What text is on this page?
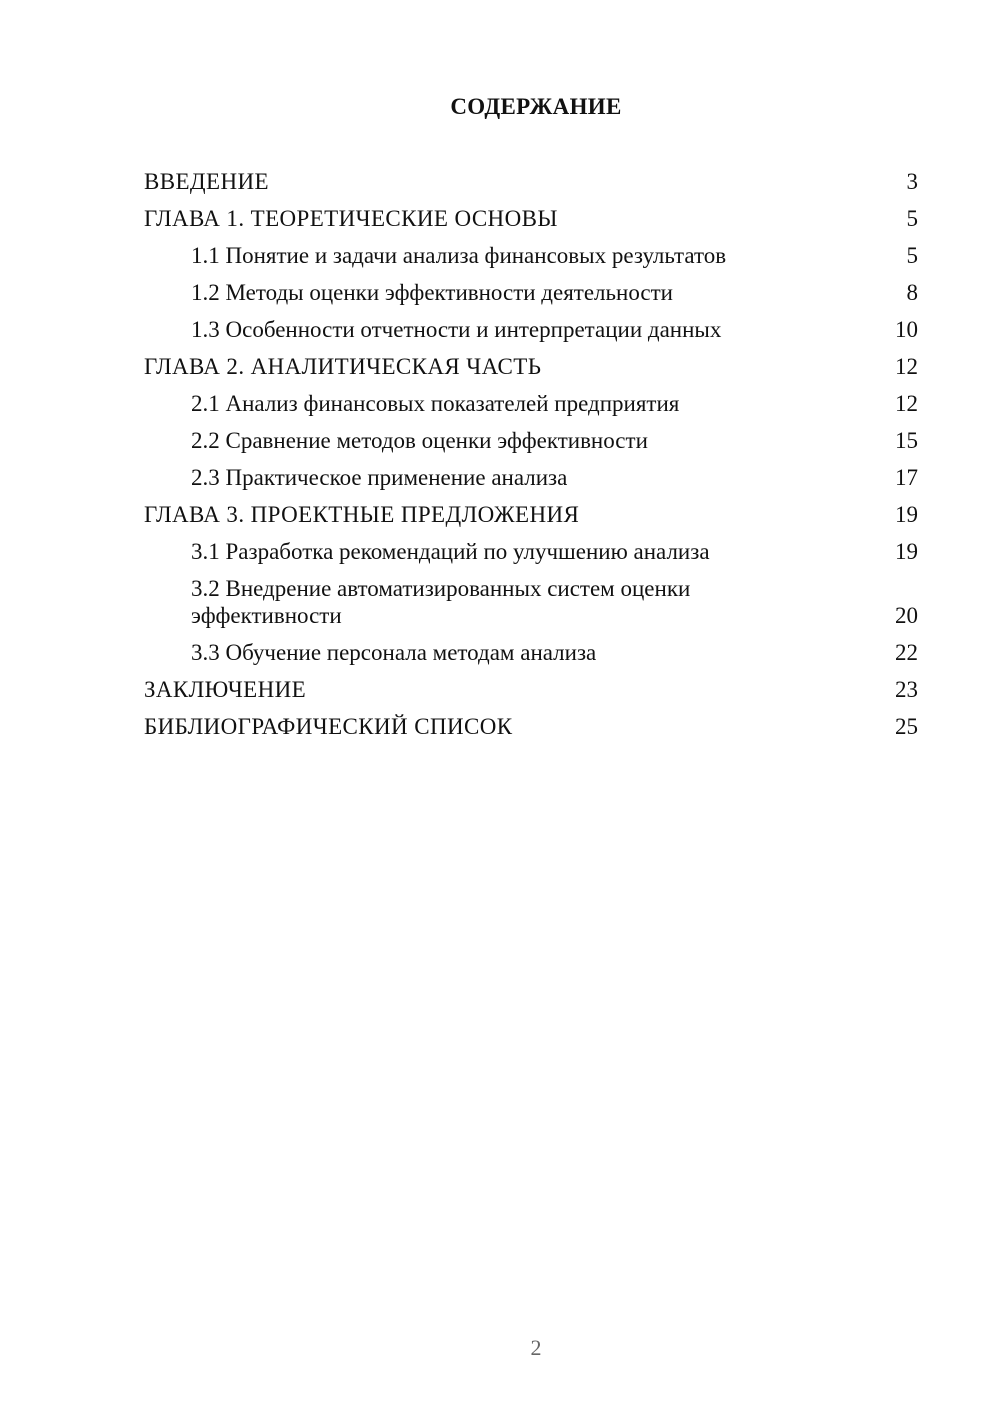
СОДЕРЖАНИЕ
ВВЕДЕНИЕ	3
ГЛАВА 1. ТЕОРЕТИЧЕСКИЕ ОСНОВЫ	5
1.1 Понятие и задачи анализа финансовых результатов	5
1.2 Методы оценки эффективности деятельности	8
1.3 Особенности отчетности и интерпретации данных	10
ГЛАВА 2. АНАЛИТИЧЕСКАЯ ЧАСТЬ	12
2.1 Анализ финансовых показателей предприятия	12
2.2 Сравнение методов оценки эффективности	15
2.3 Практическое применение анализа	17
ГЛАВА 3. ПРОЕКТНЫЕ ПРЕДЛОЖЕНИЯ	19
3.1 Разработка рекомендаций по улучшению анализа	19
3.2 Внедрение автоматизированных систем оценки эффективности	20
3.3 Обучение персонала методам анализа	22
ЗАКЛЮЧЕНИЕ	23
БИБЛИОГРАФИЧЕСКИЙ СПИСОК	25
2
